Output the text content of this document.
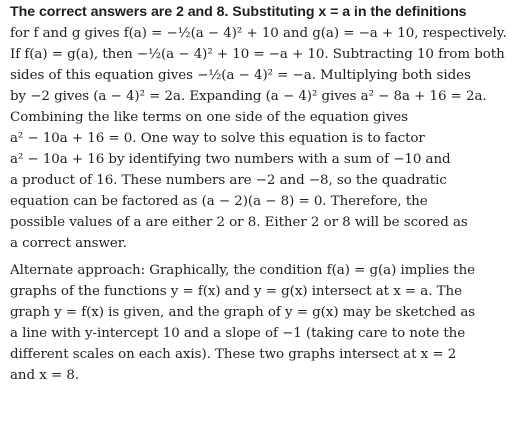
The correct answers are 2 and 8. Substituting x = a in the definitions
for f and g gives f(a) = −½(a − 4)² + 10 and g(a) = −a + 10, respectively.
If f(a) = g(a), then −½(a − 4)² + 10 = −a + 10. Subtracting 10 from both
sides of this equation gives −½(a − 4)² = −a. Multiplying both sides
by −2 gives (a − 4)² = 2a. Expanding (a − 4)² gives a² − 8a + 16 = 2a.
Combining the like terms on one side of the equation gives
a² − 10a + 16 = 0. One way to solve this equation is to factor
a² − 10a + 16 by identifying two numbers with a sum of −10 and
a product of 16. These numbers are −2 and −8, so the quadratic
equation can be factored as (a − 2)(a − 8) = 0. Therefore, the
possible values of a are either 2 or 8. Either 2 or 8 will be scored as
a correct answer.
Alternate approach: Graphically, the condition f(a) = g(a) implies the
graphs of the functions y = f(x) and y = g(x) intersect at x = a. The
graph y = f(x) is given, and the graph of y = g(x) may be sketched as
a line with y-intercept 10 and a slope of −1 (taking care to note the
different scales on each axis). These two graphs intersect at x = 2
and x = 8.
